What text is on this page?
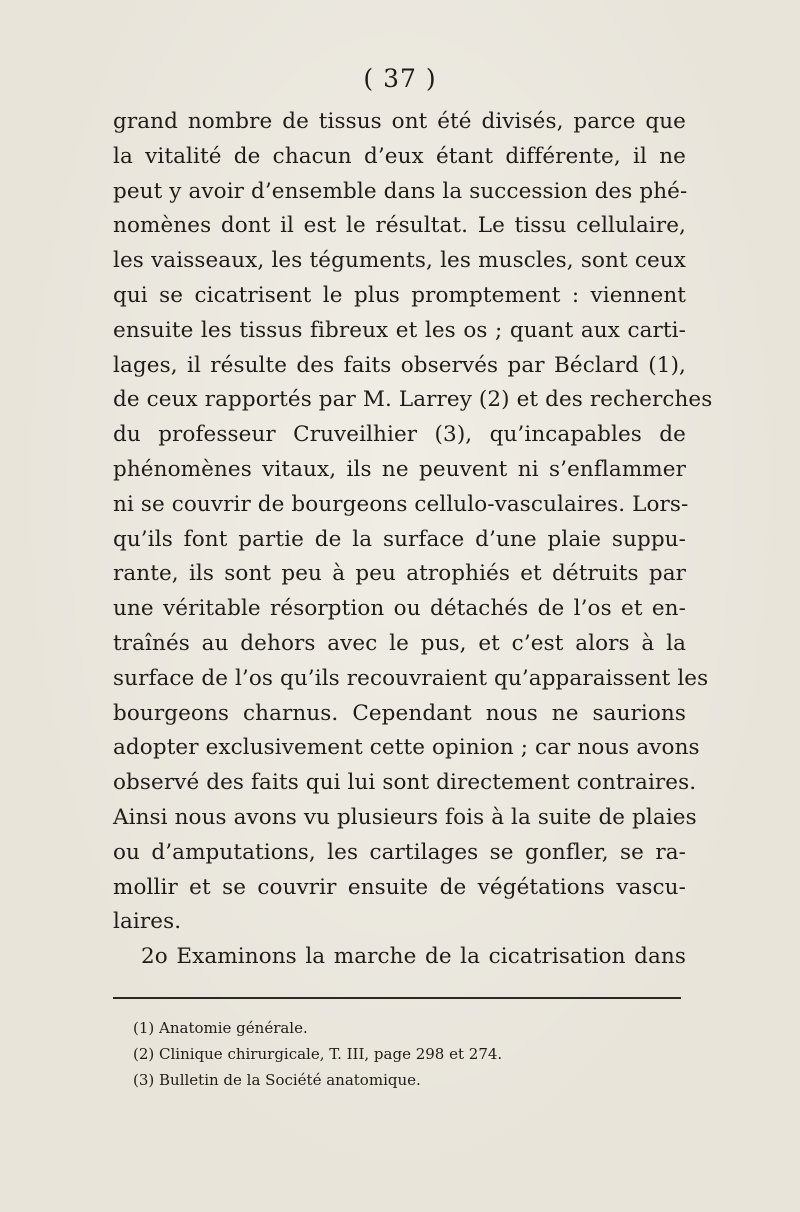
( 37 )
grand nombre de tissus ont été divisés, parce que
la vitalité de chacun d’eux étant différente, il ne
peut y avoir d’ensemble dans la succession des phé-
nomènes dont il est le résultat. Le tissu cellulaire,
les vaisseaux, les téguments, les muscles, sont ceux
qui se cicatrisent le plus promptement : viennent
ensuite les tissus fibreux et les os ; quant aux carti-
lages, il résulte des faits observés par Béclard (1),
de ceux rapportés par M. Larrey (2) et des recherches
du professeur Cruveilhier (3), qu’incapables de
phénomènes vitaux, ils ne peuvent ni s’enflammer
ni se couvrir de bourgeons cellulo-vasculaires. Lors-
qu’ils font partie de la surface d’une plaie suppu-
rante, ils sont peu à peu atrophiés et détruits par
une véritable résorption ou détachés de l’os et en-
traînés au dehors avec le pus, et c’est alors à la
surface de l’os qu’ils recouvraient qu’apparaissent les
bourgeons charnus. Cependant nous ne saurions
adopter exclusivement cette opinion ; car nous avons
observé des faits qui lui sont directement contraires.
Ainsi nous avons vu plusieurs fois à la suite de plaies
ou d’amputations, les cartilages se gonfler, se ra-
mollir et se couvrir ensuite de végétations vascu-
laires.
2o Examinons la marche de la cicatrisation dans
(1) Anatomie générale.
(2) Clinique chirurgicale, T. III, page 298 et 274.
(3) Bulletin de la Société anatomique.
